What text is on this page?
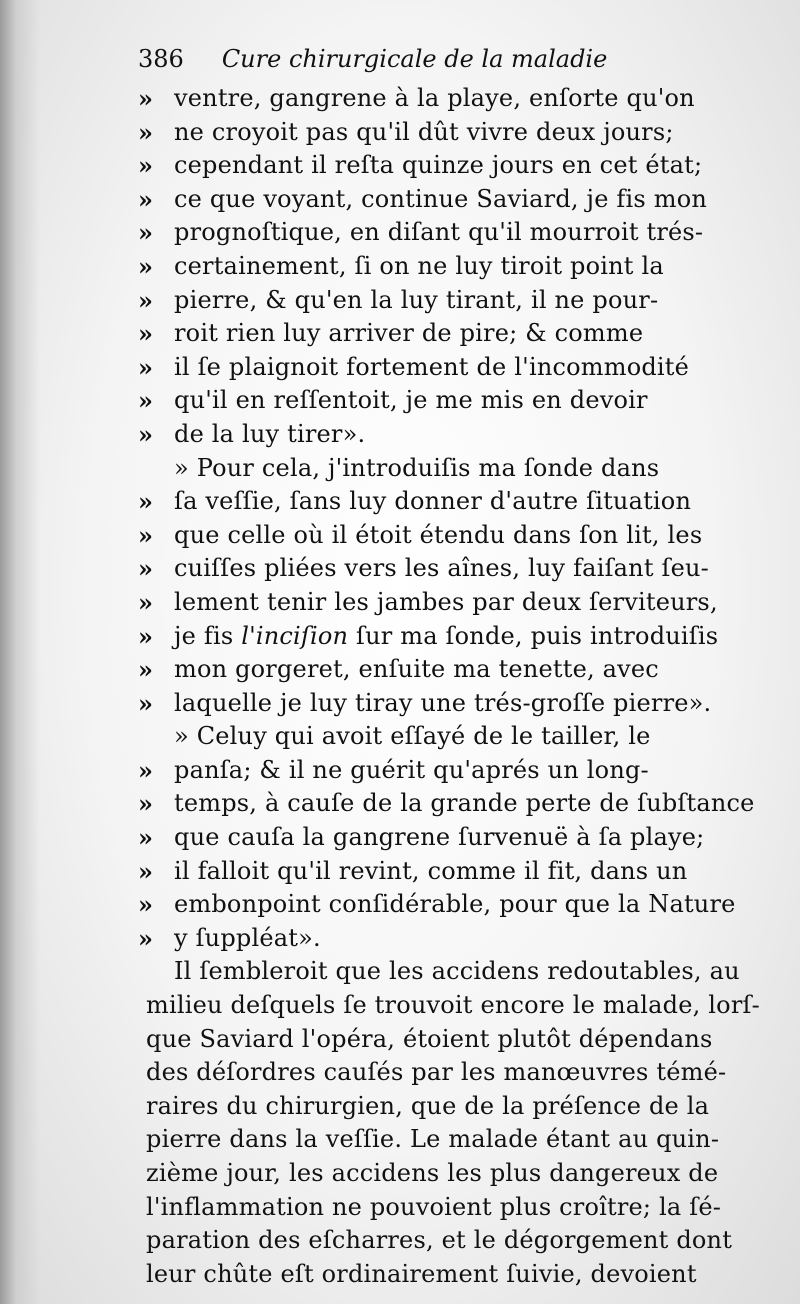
386 Cure chirurgicale de la maladie
» ventre, gangrene à la playe, enſorte qu'on
» ne croyoit pas qu'il dût vivre deux jours;
» cependant il reſta quinze jours en cet état;
» ce que voyant, continue Saviard, je fis mon
» prognoſtique, en diſant qu'il mourroit trés-
» certainement, ſi on ne luy tiroit point la
» pierre, & qu'en la luy tirant, il ne pour-
» roit rien luy arriver de pire; & comme
» il ſe plaignoit fortement de l'incommodité
» qu'il en reſſentoit, je me mis en devoir
» de la luy tirer».
» Pour cela, j'introduiſis ma ſonde dans
» ſa veſſie, ſans luy donner d'autre ſituation
» que celle où il étoit étendu dans ſon lit, les
» cuiſſes pliées vers les aînes, luy faiſant ſeu-
» lement tenir les jambes par deux ſerviteurs,
» je fis l'inciſion ſur ma ſonde, puis introduiſis
» mon gorgeret, enſuite ma tenette, avec
» laquelle je luy tiray une trés-groſſe pierre».
» Celuy qui avoit eſſayé de le tailler, le
» panſa; & il ne guérit qu'aprés un long-
» temps, à cauſe de la grande perte de ſubſtance
» que cauſa la gangrene ſurvenuë à ſa playe;
» il falloit qu'il revint, comme il fit, dans un
» embonpoint conſidérable, pour que la Nature
» y ſuppléat».
Il ſembleroit que les accidens redoutables, au
milieu deſquels ſe trouvoit encore le malade, lorſ-
que Saviard l'opéra, étoient plutôt dépendans
des déſordres cauſés par les manœuvres témé-
raires du chirurgien, que de la préſence de la
pierre dans la veſſie. Le malade étant au quin-
zième jour, les accidens les plus dangereux de
l'inflammation ne pouvoient plus croître; la ſé-
paration des eſcharres, et le dégorgement dont
leur chûte eſt ordinairement ſuivie, devoient
